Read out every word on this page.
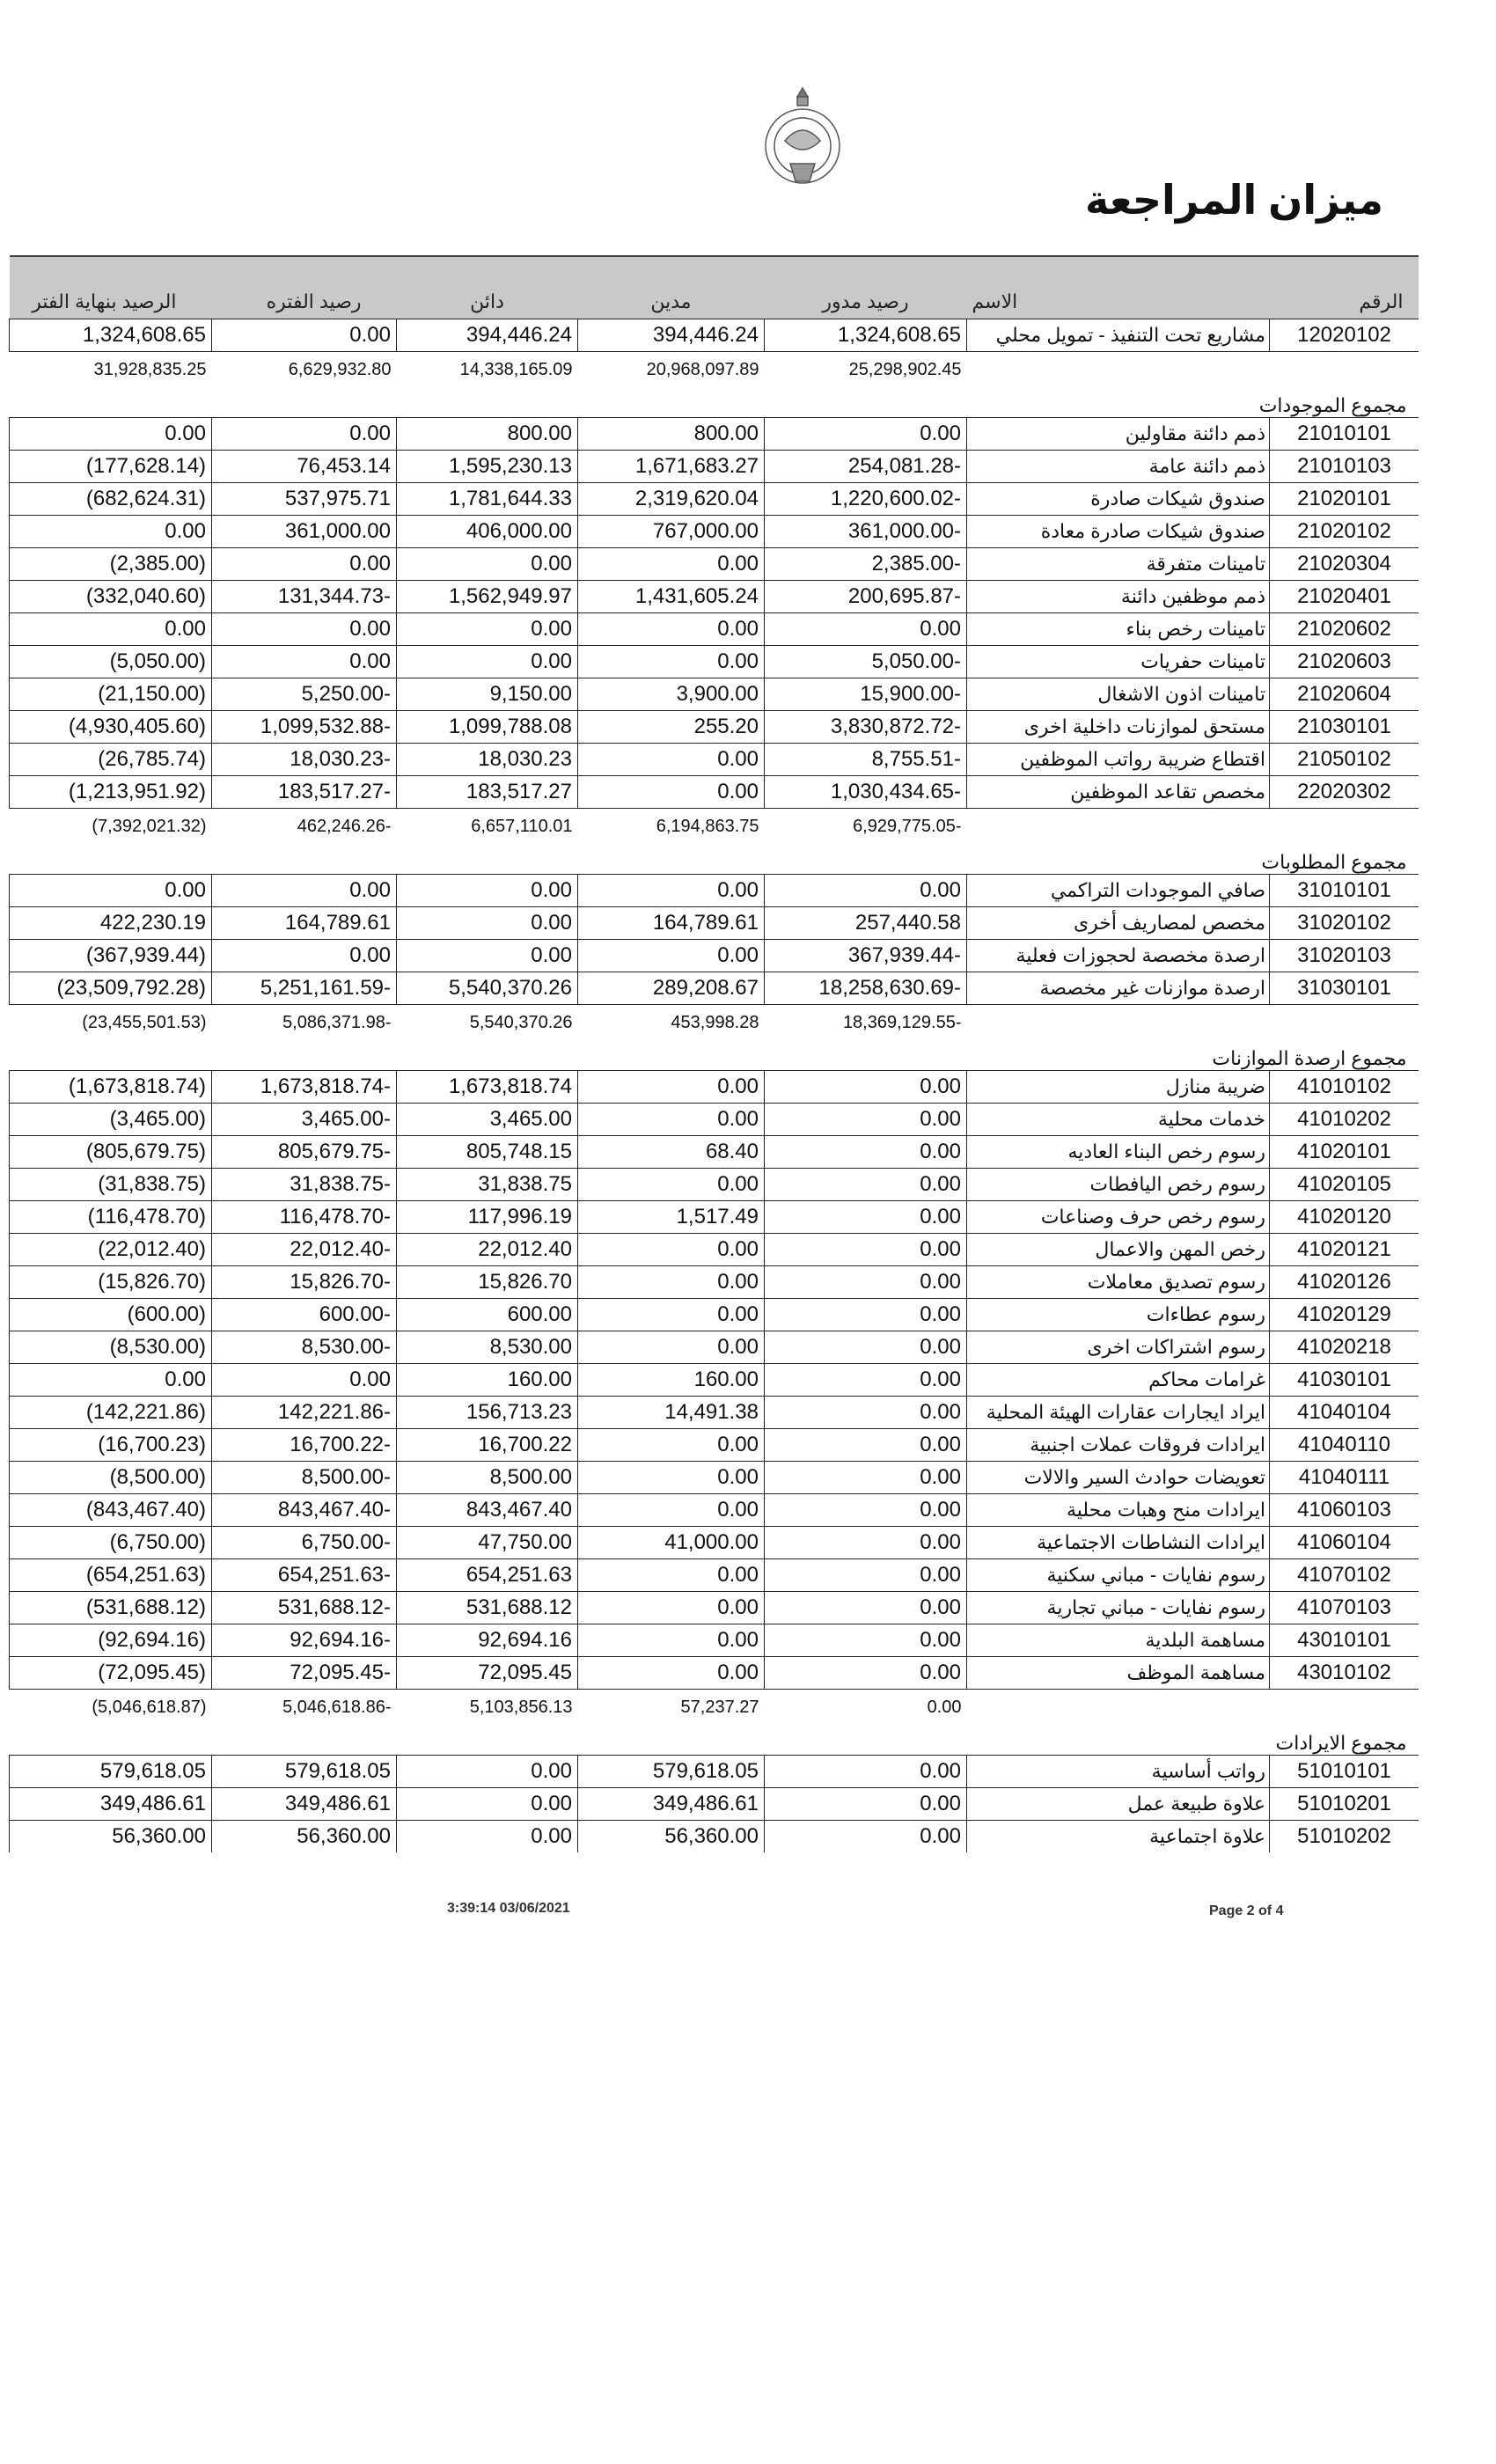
ميزان المراجعة
الرصيد بنهاية الفتر	رصيد الفتره	دائن	مدين	رصيد مدور	الاسم	الرقم
1,324,608.65	0.00	394,446.24	394,446.24	1,324,608.65	مشاريع تحت التنفيذ - تمويل محلي	12020102
31,928,835.25	6,629,932.80	14,338,165.09	20,968,097.89	25,298,902.45		
					مجموع الموجودات	
0.00	0.00	800.00	800.00	0.00	ذمم دائنة مقاولين	21010101
(177,628.14)	76,453.14	1,595,230.13	1,671,683.27	254,081.28-	ذمم دائنة عامة	21010103
(682,624.31)	537,975.71	1,781,644.33	2,319,620.04	1,220,600.02-	صندوق شيكات صادرة	21020101
0.00	361,000.00	406,000.00	767,000.00	361,000.00-	صندوق شيكات صادرة معادة	21020102
(2,385.00)	0.00	0.00	0.00	2,385.00-	تامينات متفرقة	21020304
(332,040.60)	131,344.73-	1,562,949.97	1,431,605.24	200,695.87-	ذمم موظفين دائنة	21020401
0.00	0.00	0.00	0.00	0.00	تامينات رخص بناء	21020602
(5,050.00)	0.00	0.00	0.00	5,050.00-	تامينات حفريات	21020603
(21,150.00)	5,250.00-	9,150.00	3,900.00	15,900.00-	تامينات اذون الاشغال	21020604
(4,930,405.60)	1,099,532.88-	1,099,788.08	255.20	3,830,872.72-	مستحق لموازنات داخلية اخرى	21030101
(26,785.74)	18,030.23-	18,030.23	0.00	8,755.51-	اقتطاع ضريبة رواتب الموظفين	21050102
(1,213,951.92)	183,517.27-	183,517.27	0.00	1,030,434.65-	مخصص تقاعد الموظفين	22020302
(7,392,021.32)	462,246.26-	6,657,110.01	6,194,863.75	6,929,775.05-		
					مجموع المطلوبات	
0.00	0.00	0.00	0.00	0.00	صافي الموجودات التراكمي	31010101
422,230.19	164,789.61	0.00	164,789.61	257,440.58	مخصص لمصاريف أخرى	31020102
(367,939.44)	0.00	0.00	0.00	367,939.44-	ارصدة مخصصة لحجوزات فعلية	31020103
(23,509,792.28)	5,251,161.59-	5,540,370.26	289,208.67	18,258,630.69-	ارصدة موازنات غير مخصصة	31030101
(23,455,501.53)	5,086,371.98-	5,540,370.26	453,998.28	18,369,129.55-		
					مجموع ارصدة الموازنات	
(1,673,818.74)	1,673,818.74-	1,673,818.74	0.00	0.00	ضريبة منازل	41010102
(3,465.00)	3,465.00-	3,465.00	0.00	0.00	خدمات محلية	41010202
(805,679.75)	805,679.75-	805,748.15	68.40	0.00	رسوم رخص البناء العاديه	41020101
(31,838.75)	31,838.75-	31,838.75	0.00	0.00	رسوم رخص اليافطات	41020105
(116,478.70)	116,478.70-	117,996.19	1,517.49	0.00	رسوم رخص حرف وصناعات	41020120
(22,012.40)	22,012.40-	22,012.40	0.00	0.00	رخص المهن والاعمال	41020121
(15,826.70)	15,826.70-	15,826.70	0.00	0.00	رسوم تصديق معاملات	41020126
(600.00)	600.00-	600.00	0.00	0.00	رسوم عطاءات	41020129
(8,530.00)	8,530.00-	8,530.00	0.00	0.00	رسوم اشتراكات اخرى	41020218
0.00	0.00	160.00	160.00	0.00	غرامات محاكم	41030101
(142,221.86)	142,221.86-	156,713.23	14,491.38	0.00	ايراد ايجارات عقارات الهيئة المحلية	41040104
(16,700.23)	16,700.22-	16,700.22	0.00	0.00	ايرادات فروقات عملات اجنبية	41040110
(8,500.00)	8,500.00-	8,500.00	0.00	0.00	تعويضات حوادث السير والالات	41040111
(843,467.40)	843,467.40-	843,467.40	0.00	0.00	ايرادات منح وهبات محلية	41060103
(6,750.00)	6,750.00-	47,750.00	41,000.00	0.00	ايرادات النشاطات الاجتماعية	41060104
(654,251.63)	654,251.63-	654,251.63	0.00	0.00	رسوم نفايات - مباني سكنية	41070102
(531,688.12)	531,688.12-	531,688.12	0.00	0.00	رسوم نفايات - مباني تجارية	41070103
(92,694.16)	92,694.16-	92,694.16	0.00	0.00	مساهمة البلدية	43010101
(72,095.45)	72,095.45-	72,095.45	0.00	0.00	مساهمة الموظف	43010102
(5,046,618.87)	5,046,618.86-	5,103,856.13	57,237.27	0.00		
					مجموع الايرادات	
579,618.05	579,618.05	0.00	579,618.05	0.00	رواتب أساسية	51010101
349,486.61	349,486.61	0.00	349,486.61	0.00	علاوة طبيعة عمل	51010201
56,360.00	56,360.00	0.00	56,360.00	0.00	علاوة اجتماعية	51010202

3:39:14 03/06/2021	Page 2 of 4
